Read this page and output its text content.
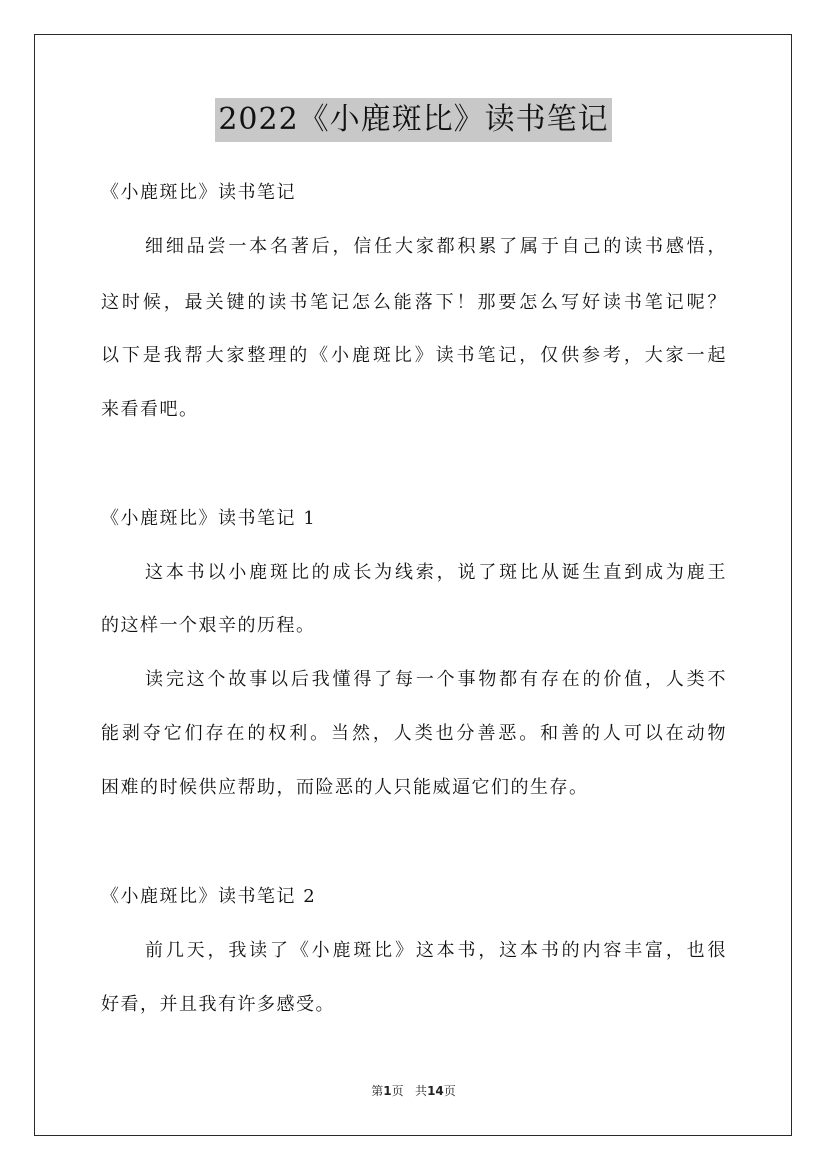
2022《小鹿斑比》读书笔记
《小鹿斑比》读书笔记
细细品尝一本名著后，信任大家都积累了属于自己的读书感悟，
这时候，最关键的读书笔记怎么能落下！那要怎么写好读书笔记呢？
以下是我帮大家整理的《小鹿斑比》读书笔记，仅供参考，大家一起
来看看吧。
《小鹿斑比》读书笔记 1
这本书以小鹿斑比的成长为线索，说了斑比从诞生直到成为鹿王
的这样一个艰辛的历程。
读完这个故事以后我懂得了每一个事物都有存在的价值，人类不
能剥夺它们存在的权利。当然，人类也分善恶。和善的人可以在动物
困难的时候供应帮助，而险恶的人只能威逼它们的生存。
《小鹿斑比》读书笔记 2
前几天，我读了《小鹿斑比》这本书，这本书的内容丰富，也很
好看，并且我有许多感受。
第1页 共14页
